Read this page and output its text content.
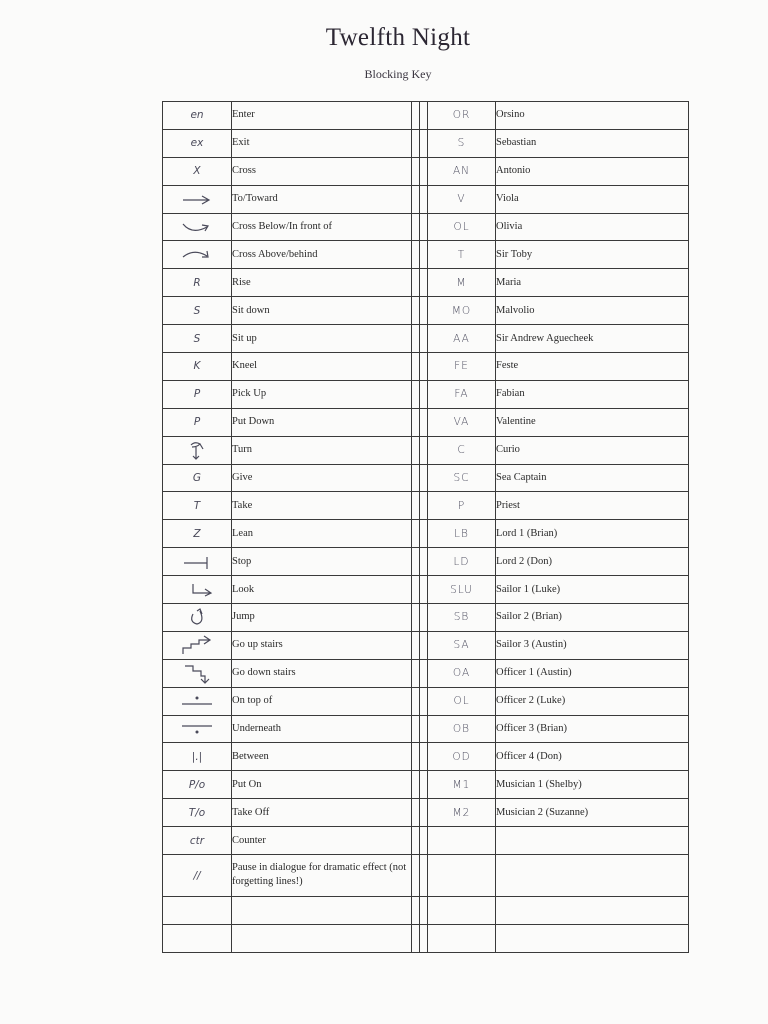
Twelfth Night
Blocking Key
en	Enter			OR	Orsino
ex	Exit			S	Sebastian
X	Cross			AN	Antonio

	To/Toward			V	Viola

	Cross Below/In front of			OL	Olivia

	Cross Above/behind			T	Sir Toby
R	Rise			M	Maria
S	Sit down			MO	Malvolio
S	Sit up			AA	Sir Andrew Aguecheek
K	Kneel			FE	Feste
P	Pick Up			FA	Fabian
P	Put Down			VA	Valentine

	Turn			C	Curio
G	Give			SC	Sea Captain
T	Take			P	Priest
Z	Lean			LB	Lord 1 (Brian)

	Stop			LD	Lord 2 (Don)

	Look			SLU	Sailor 1 (Luke)

	Jump			SB	Sailor 2 (Brian)

	Go up stairs			SA	Sailor 3 (Austin)

	Go down stairs			OA	Officer 1 (Austin)

	On top of			OL	Officer 2 (Luke)

	Underneath			OB	Officer 3 (Brian)
|.|	Between			OD	Officer 4 (Don)
P/o	Put On			M1	Musician 1 (Shelby)
T/o	Take Off			M2	Musician 2 (Suzanne)
ctr	Counter				
//	Pause in dialogue for dramatic effect (not forgetting lines!)				
